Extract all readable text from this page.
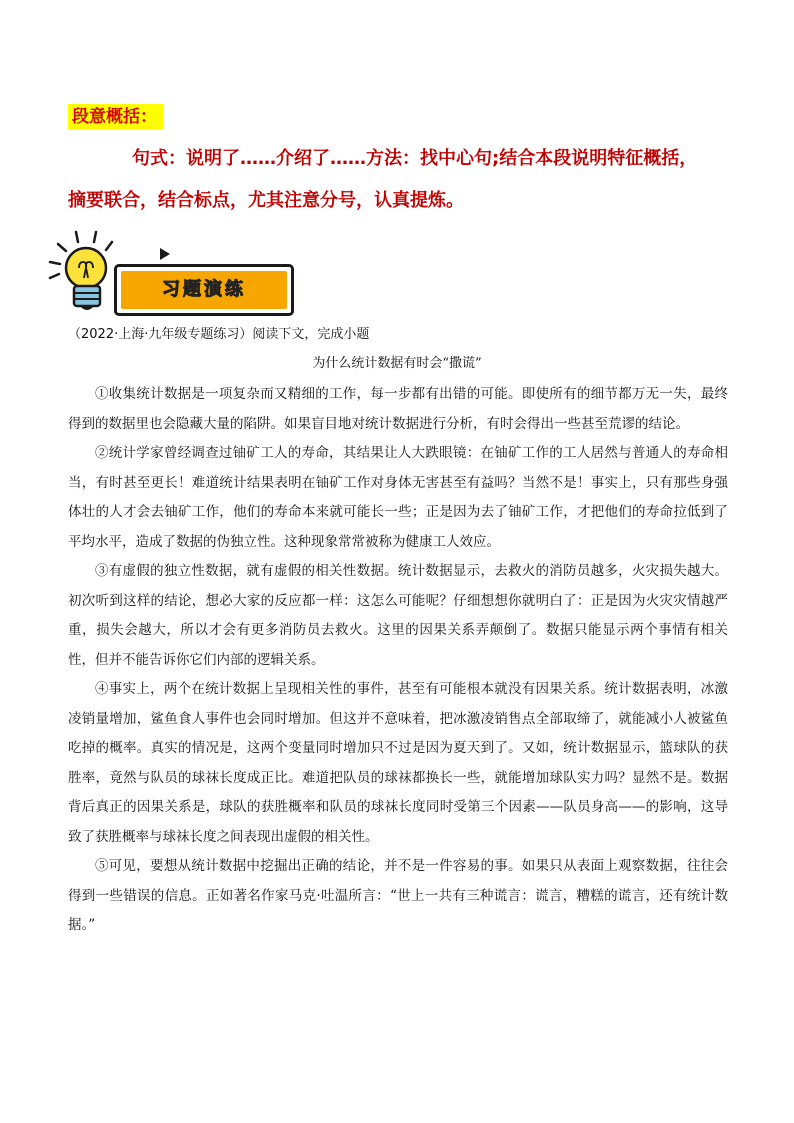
段意概括：
句式：说明了……介绍了……方法：找中心句;结合本段说明特征概括，
摘要联合，结合标点，尤其注意分号，认真提炼。
习题演练
（2022·上海·九年级专题练习）阅读下文，完成小题
为什么统计数据有时会“撒谎”

①收集统计数据是一项复杂而又精细的工作，每一步都有出错的可能。即使所有的细节都万无一失，最终得到的数据里也会隐藏大量的陷阱。如果盲目地对统计数据进行分析，有时会得出一些甚至荒谬的结论。

②统计学家曾经调查过铀矿工人的寿命，其结果让人大跌眼镜：在铀矿工作的工人居然与普通人的寿命相当，有时甚至更长！难道统计结果表明在铀矿工作对身体无害甚至有益吗？当然不是！事实上，只有那些身强体壮的人才会去铀矿工作，他们的寿命本来就可能长一些；正是因为去了铀矿工作，才把他们的寿命拉低到了平均水平，造成了数据的伪独立性。这种现象常常被称为健康工人效应。

③有虚假的独立性数据，就有虚假的相关性数据。统计数据显示，去救火的消防员越多，火灾损失越大。初次听到这样的结论，想必大家的反应都一样：这怎么可能呢？仔细想想你就明白了：正是因为火灾灾情越严重，损失会越大，所以才会有更多消防员去救火。这里的因果关系弄颠倒了。数据只能显示两个事情有相关性，但并不能告诉你它们内部的逻辑关系。

④事实上，两个在统计数据上呈现相关性的事件，甚至有可能根本就没有因果关系。统计数据表明，冰激凌销量增加，鲨鱼食人事件也会同时增加。但这并不意味着，把冰激凌销售点全部取缔了，就能减小人被鲨鱼吃掉的概率。真实的情况是，这两个变量同时增加只不过是因为夏天到了。又如，统计数据显示，篮球队的获胜率，竟然与队员的球袜长度成正比。难道把队员的球袜都换长一些，就能增加球队实力吗？显然不是。数据背后真正的因果关系是，球队的获胜概率和队员的球袜长度同时受第三个因素——队员身高——的影响，这导致了获胜概率与球袜长度之间表现出虚假的相关性。

⑤可见，要想从统计数据中挖掘出正确的结论，并不是一件容易的事。如果只从表面上观察数据，往往会得到一些错误的信息。正如著名作家马克·吐温所言：“世上一共有三种谎言：谎言，糟糕的谎言，还有统计数据。”
